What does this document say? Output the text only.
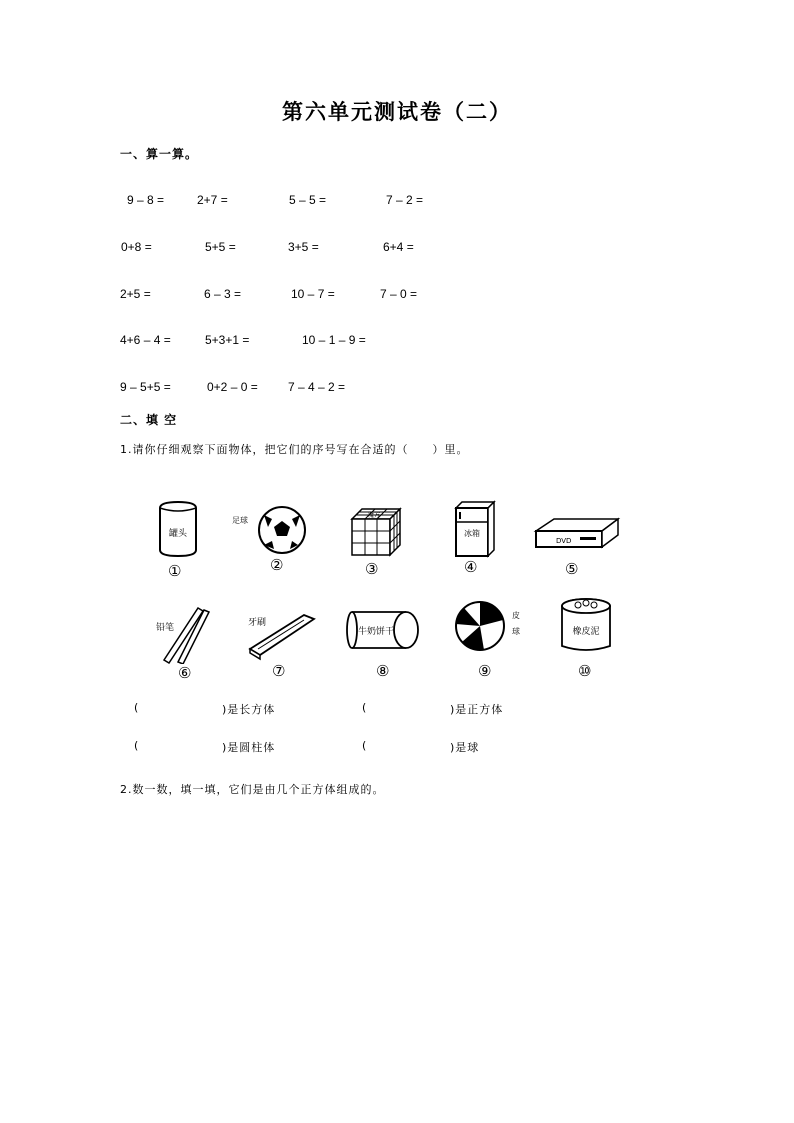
第六单元测试卷（二）
一、算一算。
9 – 8 =	2+7 =	5 – 5 =	7 – 2 =
0+8 =	5+5 =	3+5 =	6+4 =
2+5 =	6 – 3 =	10 – 7 =	7 – 0 =
4+6 – 4 =	5+3+1 =	10 – 1 – 9 =
9 – 5+5 =	0+2 – 0 =	7 – 4 – 2 =
二、填 空
1.请你仔细观察下面物体，把它们的序号写在合适的（　　）里。
罐头
①
足球
②
魔方
③
冰箱
④
DVD
⑤
铅笔
⑥
牙刷
⑦
牛奶饼干
⑧
皮
球
⑨
橡皮泥
⑩
(	)是长方体	(	)是正方体
(	)是圆柱体	(	)是球
2.数一数，填一填，它们是由几个正方体组成的。
